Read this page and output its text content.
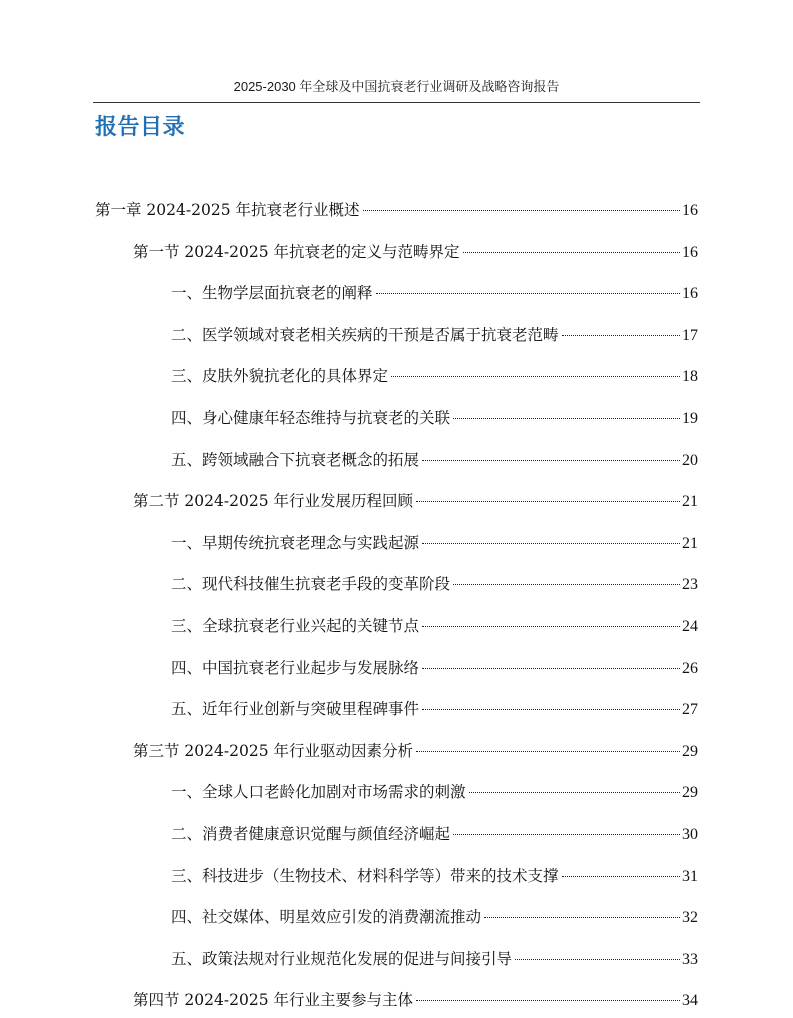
2025-2030 年全球及中国抗衰老行业调研及战略咨询报告
报告目录
第一章 2024-2025 年抗衰老行业概述	16
第一节 2024-2025 年抗衰老的定义与范畴界定	16
一、生物学层面抗衰老的阐释	16
二、医学领域对衰老相关疾病的干预是否属于抗衰老范畴	17
三、皮肤外貌抗老化的具体界定	18
四、身心健康年轻态维持与抗衰老的关联	19
五、跨领域融合下抗衰老概念的拓展	20
第二节 2024-2025 年行业发展历程回顾	21
一、早期传统抗衰老理念与实践起源	21
二、现代科技催生抗衰老手段的变革阶段	23
三、全球抗衰老行业兴起的关键节点	24
四、中国抗衰老行业起步与发展脉络	26
五、近年行业创新与突破里程碑事件	27
第三节 2024-2025 年行业驱动因素分析	29
一、全球人口老龄化加剧对市场需求的刺激	29
二、消费者健康意识觉醒与颜值经济崛起	30
三、科技进步（生物技术、材料科学等）带来的技术支撑	31
四、社交媒体、明星效应引发的消费潮流推动	32
五、政策法规对行业规范化发展的促进与间接引导	33
第四节 2024-2025 年行业主要参与主体	34
